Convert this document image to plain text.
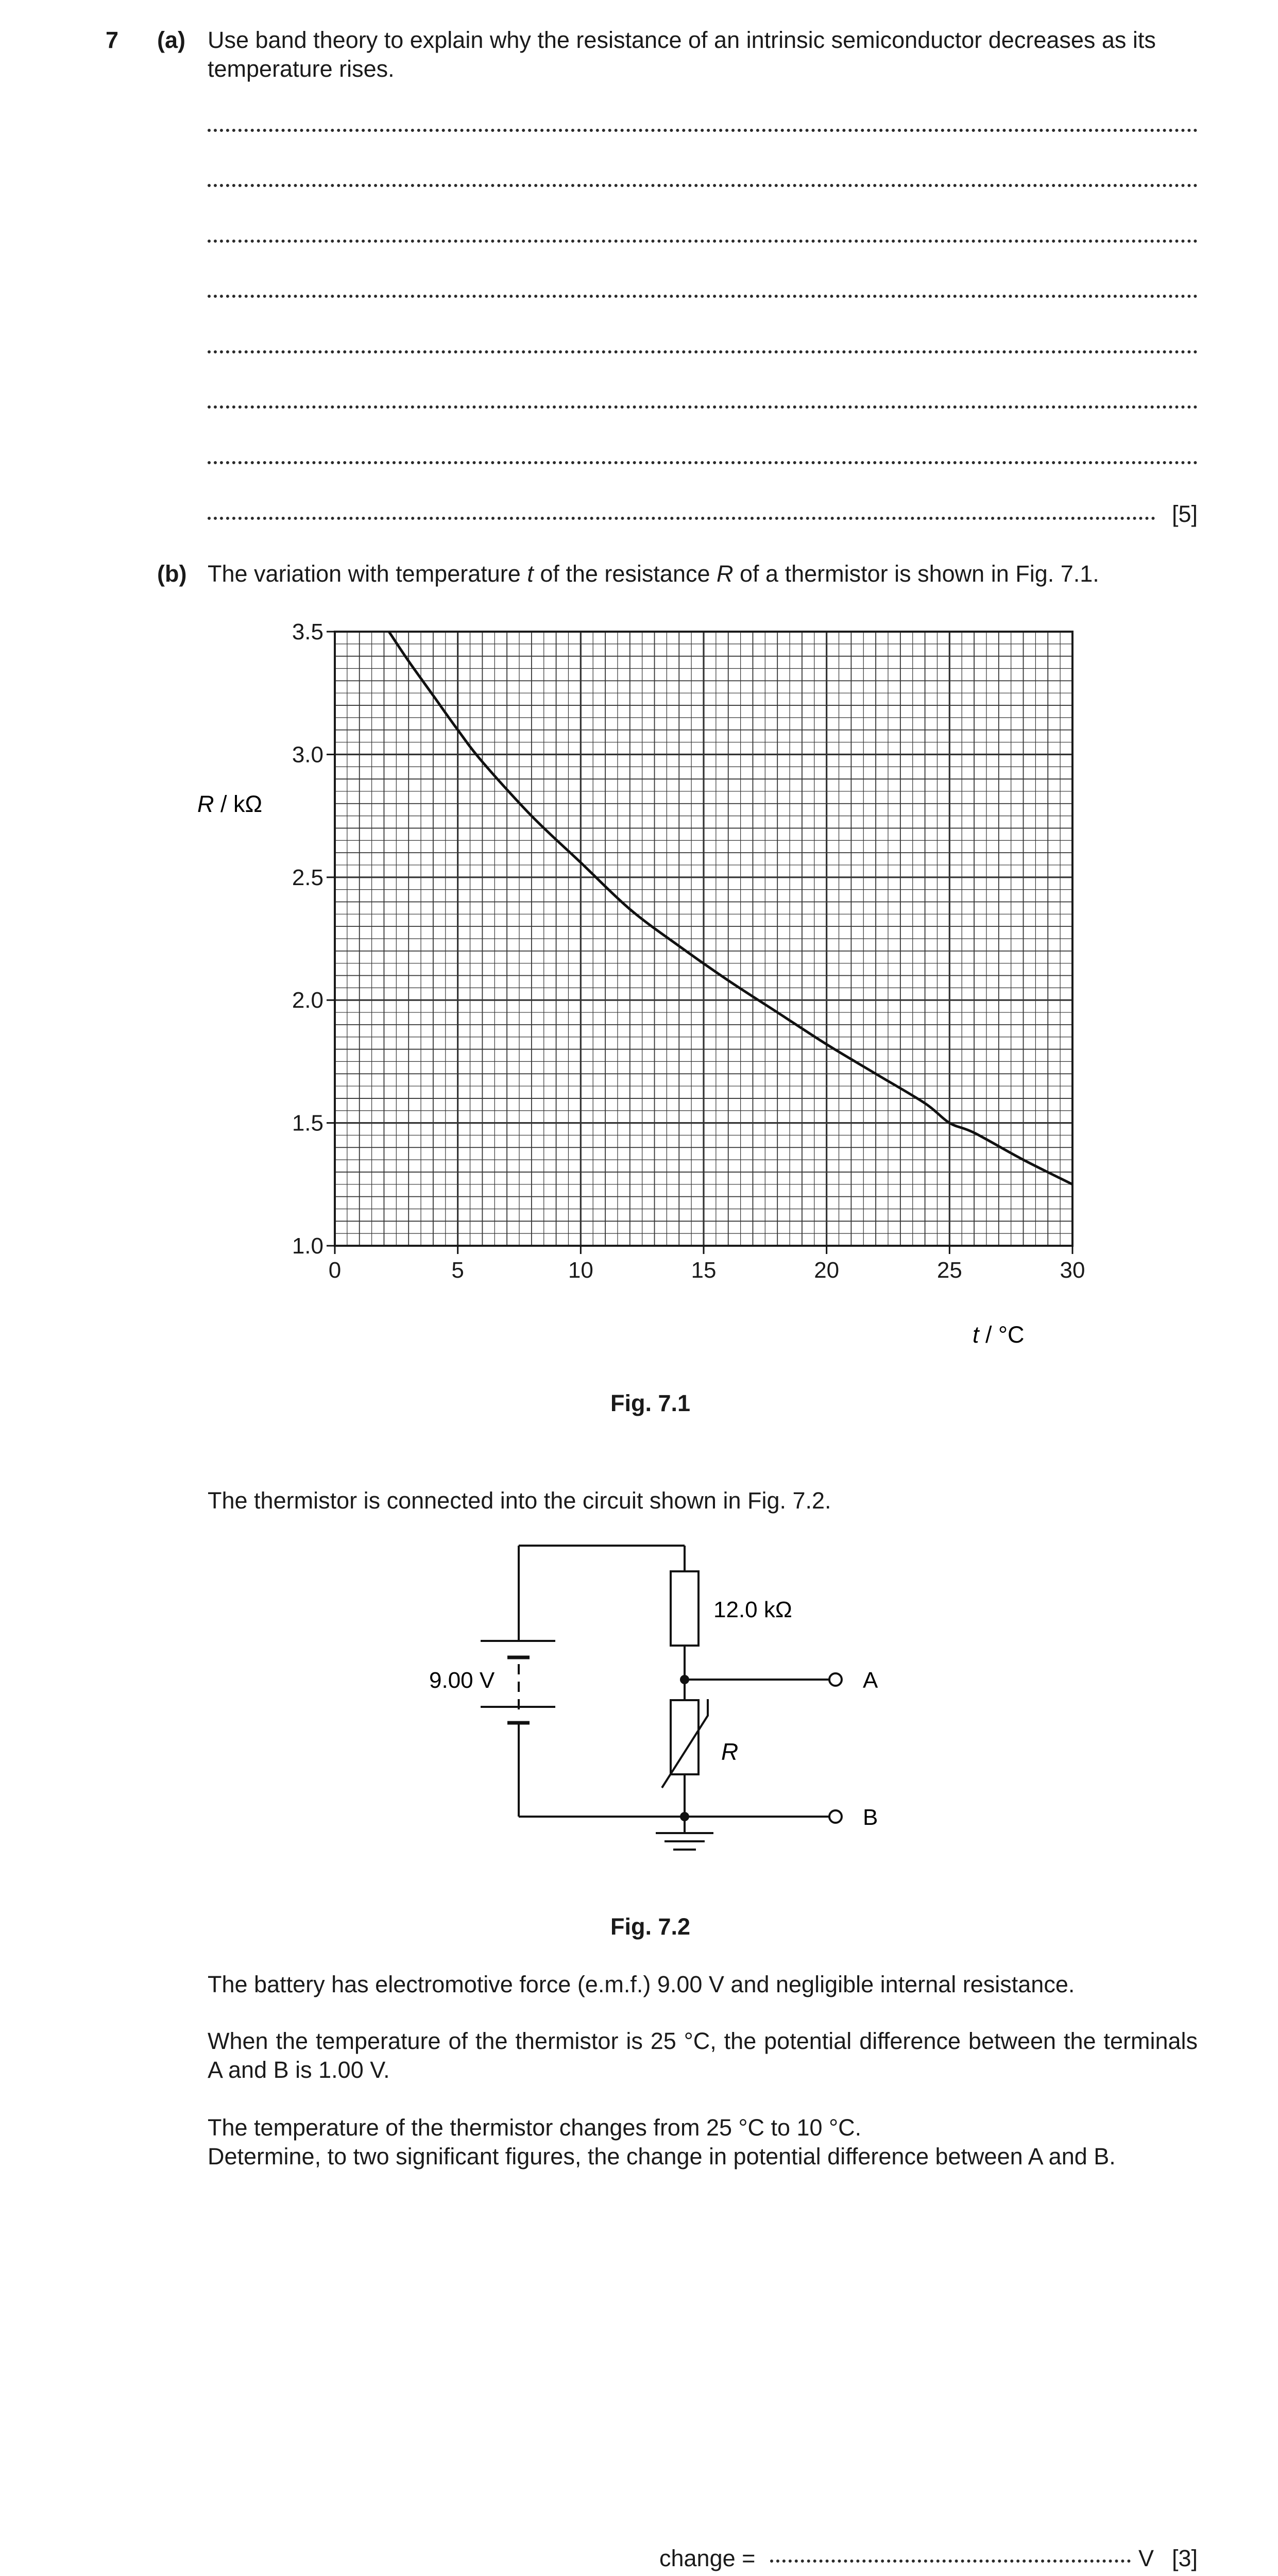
7 (a) Use band theory to explain why the resistance of an intrinsic semiconductor decreases as its temperature rises.
[5]
(b) The variation with temperature t of the resistance R of a thermistor is shown in Fig. 7.1.
0	5	10	15	20	25	30
1.0
1.5
2.0
2.5
3.0
3.5
R / kΩ
t / °C
Fig. 7.1
The thermistor is connected into the circuit shown in Fig. 7.2.
9.00 V
12.0 kΩ
R
A
B
Fig. 7.2
The battery has electromotive force (e.m.f.) 9.00 V and negligible internal resistance.
When the temperature of the thermistor is 25 °C, the potential difference between the terminals A and B is 1.00 V.
The temperature of the thermistor changes from 25 °C to 10 °C.
Determine, to two significant figures, the change in potential difference between A and B.
change =	V [3]
